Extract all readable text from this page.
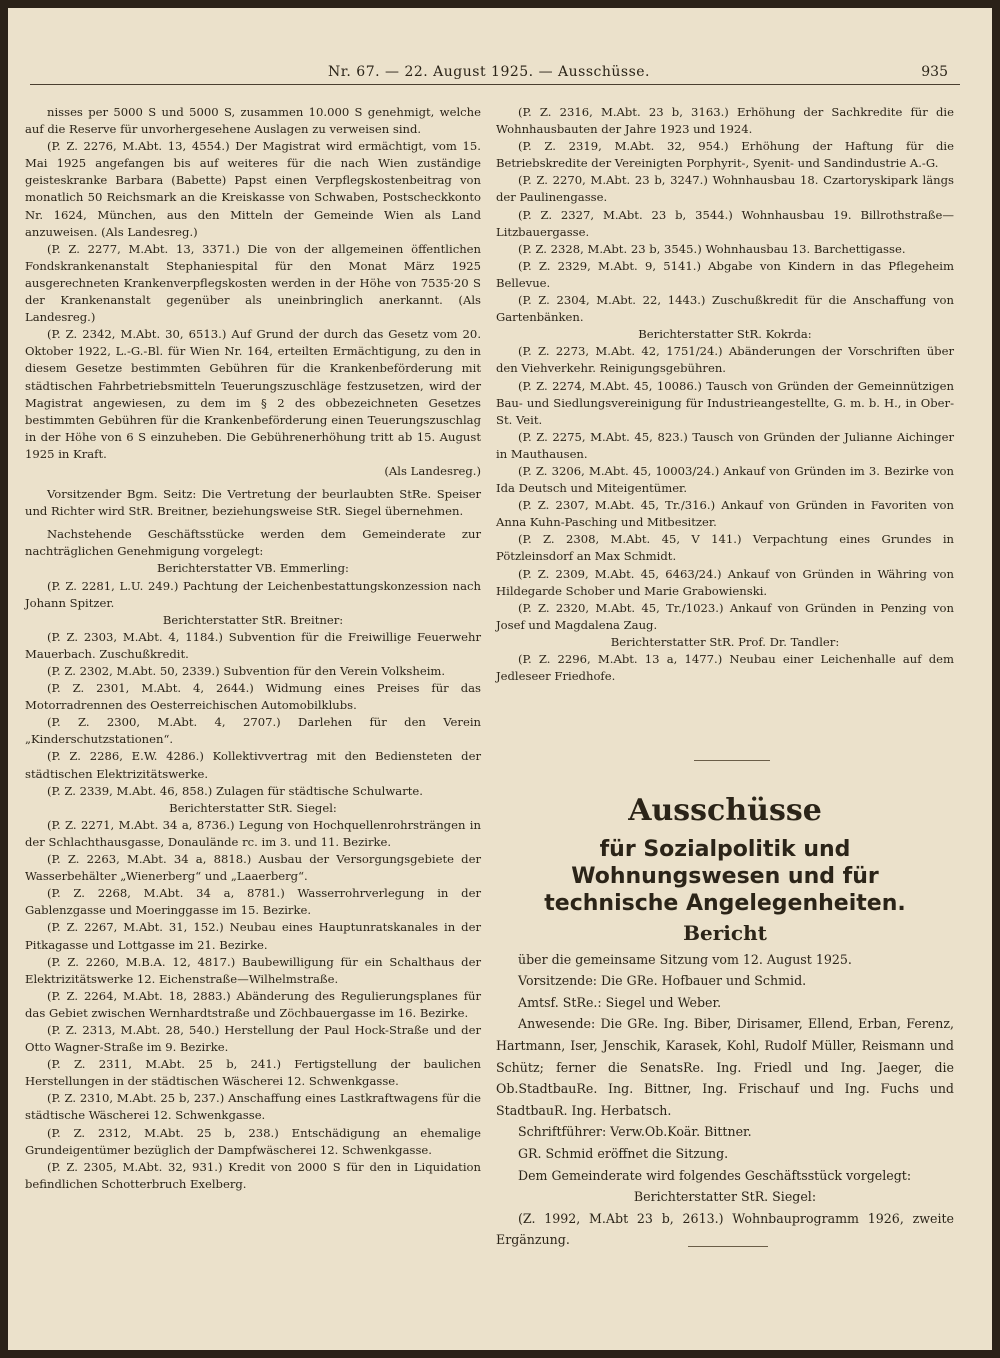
Nr. 67. — 22. August 1925. — Ausschüsse.	935

nisses per 5000 S und 5000 S, zusammen 10.000 S genehmigt, welche auf die Reserve für unvorhergesehene Auslagen zu verweisen sind.

(P. Z. 2276, M.Abt. 13, 4554.) Der Magistrat wird ermächtigt, vom 15. Mai 1925 angefangen bis auf weiteres für die nach Wien zuständige geisteskranke Barbara (Babette) Papst einen Verpflegskostenbeitrag von monatlich 50 Reichsmark an die Kreiskasse von Schwaben, Postscheckkonto Nr. 1624, München, aus den Mitteln der Gemeinde Wien als Land anzuweisen. (Als Landesreg.)

(P. Z. 2277, M.Abt. 13, 3371.) Die von der allgemeinen öffentlichen Fondskrankenanstalt Stephaniespital für den Monat März 1925 ausgerechneten Krankenverpflegskosten werden in der Höhe von 7535·20 S der Krankenanstalt gegenüber als uneinbringlich anerkannt. (Als Landesreg.)

(P. Z. 2342, M.Abt. 30, 6513.) Auf Grund der durch das Gesetz vom 20. Oktober 1922, L.-G.-Bl. für Wien Nr. 164, erteilten Ermächtigung, zu den in diesem Gesetze bestimmten Gebühren für die Krankenbeförderung mit städtischen Fahrbetriebsmitteln Teuerungszuschläge festzusetzen, wird der Magistrat angewiesen, zu dem im § 2 des obbezeichneten Gesetzes bestimmten Gebühren für die Krankenbeförderung einen Teuerungszuschlag in der Höhe von 6 S einzuheben. Die Gebührenerhöhung tritt ab 15. August 1925 in Kraft.

(Als Landesreg.)

Vorsitzender Bgm. Seitz: Die Vertretung der beurlaubten StRe. Speiser und Richter wird StR. Breitner, beziehungsweise StR. Siegel übernehmen.

Nachstehende Geschäftsstücke werden dem Gemeinderate zur nachträglichen Genehmigung vorgelegt:

Berichterstatter VB. Emmerling:

(P. Z. 2281, L.U. 249.) Pachtung der Leichenbestattungskonzession nach Johann Spitzer.

Berichterstatter StR. Breitner:

(P. Z. 2303, M.Abt. 4, 1184.) Subvention für die Freiwillige Feuerwehr Mauerbach. Zuschußkredit.

(P. Z. 2302, M.Abt. 50, 2339.) Subvention für den Verein Volksheim.

(P. Z. 2301, M.Abt. 4, 2644.) Widmung eines Preises für das Motorradrennen des Oesterreichischen Automobilklubs.

(P. Z. 2300, M.Abt. 4, 2707.) Darlehen für den Verein „Kinderschutzstationen“.

(P. Z. 2286, E.W. 4286.) Kollektivvertrag mit den Bediensteten der städtischen Elektrizitätswerke.

(P. Z. 2339, M.Abt. 46, 858.) Zulagen für städtische Schulwarte.

Berichterstatter StR. Siegel:

(P. Z. 2271, M.Abt. 34 a, 8736.) Legung von Hochquellenrohrsträngen in der Schlachthausgasse, Donaulände rc. im 3. und 11. Bezirke.

(P. Z. 2263, M.Abt. 34 a, 8818.) Ausbau der Versorgungsgebiete der Wasserbehälter „Wienerberg“ und „Laaerberg“.

(P. Z. 2268, M.Abt. 34 a, 8781.) Wasserrohrverlegung in der Gablenzgasse und Moeringgasse im 15. Bezirke.

(P. Z. 2267, M.Abt. 31, 152.) Neubau eines Hauptunratskanales in der Pitkagasse und Lottgasse im 21. Bezirke.

(P. Z. 2260, M.B.A. 12, 4817.) Baubewilligung für ein Schalthaus der Elektrizitätswerke 12. Eichenstraße—Wilhelmstraße.

(P. Z. 2264, M.Abt. 18, 2883.) Abänderung des Regulierungsplanes für das Gebiet zwischen Wernhardtstraße und Zöchbauergasse im 16. Bezirke.

(P. Z. 2313, M.Abt. 28, 540.) Herstellung der Paul Hock-Straße und der Otto Wagner-Straße im 9. Bezirke.

(P. Z. 2311, M.Abt. 25 b, 241.) Fertigstellung der baulichen Herstellungen in der städtischen Wäscherei 12. Schwenkgasse.

(P. Z. 2310, M.Abt. 25 b, 237.) Anschaffung eines Lastkraftwagens für die städtische Wäscherei 12. Schwenkgasse.

(P. Z. 2312, M.Abt. 25 b, 238.) Entschädigung an ehemalige Grundeigentümer bezüglich der Dampfwäscherei 12. Schwenkgasse.

(P. Z. 2305, M.Abt. 32, 931.) Kredit von 2000 S für den in Liquidation befindlichen Schotterbruch Exelberg.

(P. Z. 2316, M.Abt. 23 b, 3163.) Erhöhung der Sachkredite für die Wohnhausbauten der Jahre 1923 und 1924.

(P. Z. 2319, M.Abt. 32, 954.) Erhöhung der Haftung für die Betriebskredite der Vereinigten Porphyrit-, Syenit- und Sandindustrie A.-G.

(P. Z. 2270, M.Abt. 23 b, 3247.) Wohnhausbau 18. Czartoryskipark längs der Paulinengasse.

(P. Z. 2327, M.Abt. 23 b, 3544.) Wohnhausbau 19. Billrothstraße—Litzbauergasse.

(P. Z. 2328, M.Abt. 23 b, 3545.) Wohnhausbau 13. Barchettigasse.

(P. Z. 2329, M.Abt. 9, 5141.) Abgabe von Kindern in das Pflegeheim Bellevue.

(P. Z. 2304, M.Abt. 22, 1443.) Zuschußkredit für die Anschaffung von Gartenbänken.

Berichterstatter StR. Kokrda:

(P. Z. 2273, M.Abt. 42, 1751/24.) Abänderungen der Vorschriften über den Viehverkehr. Reinigungsgebühren.

(P. Z. 2274, M.Abt. 45, 10086.) Tausch von Gründen der Gemeinnützigen Bau- und Siedlungsvereinigung für Industrieangestellte, G. m. b. H., in Ober-St. Veit.

(P. Z. 2275, M.Abt. 45, 823.) Tausch von Gründen der Julianne Aichinger in Mauthausen.

(P. Z. 3206, M.Abt. 45, 10003/24.) Ankauf von Gründen im 3. Bezirke von Ida Deutsch und Miteigentümer.

(P. Z. 2307, M.Abt. 45, Tr./316.) Ankauf von Gründen in Favoriten von Anna Kuhn-Pasching und Mitbesitzer.

(P. Z. 2308, M.Abt. 45, V 141.) Verpachtung eines Grundes in Pötzleinsdorf an Max Schmidt.

(P. Z. 2309, M.Abt. 45, 6463/24.) Ankauf von Gründen in Währing von Hildegarde Schober und Marie Grabowienski.

(P. Z. 2320, M.Abt. 45, Tr./1023.) Ankauf von Gründen in Penzing von Josef und Magdalena Zaug.

Berichterstatter StR. Prof. Dr. Tandler:

(P. Z. 2296, M.Abt. 13 a, 1477.) Neubau einer Leichenhalle auf dem Jedleseer Friedhofe.

Ausschüsse
für Sozialpolitik und Wohnungswesen und für
technische Angelegenheiten.
Bericht

über die gemeinsame Sitzung vom 12. August 1925.

Vorsitzende: Die GRe. Hofbauer und Schmid.

Amtsf. StRe.: Siegel und Weber.

Anwesende: Die GRe. Ing. Biber, Dirisamer, Ellend, Erban, Ferenz, Hartmann, Iser, Jenschik, Karasek, Kohl, Rudolf Müller, Reismann und Schütz; ferner die SenatsRe. Ing. Friedl und Ing. Jaeger, die Ob.StadtbauRe. Ing. Bittner, Ing. Frischauf und Ing. Fuchs und StadtbauR. Ing. Herbatsch.

Schriftführer: Verw.Ob.Koär. Bittner.

GR. Schmid eröffnet die Sitzung.

Dem Gemeinderate wird folgendes Geschäftsstück vorgelegt:

Berichterstatter StR. Siegel:

(Z. 1992, M.Abt 23 b, 2613.) Wohnbauprogramm 1926, zweite Ergänzung.
